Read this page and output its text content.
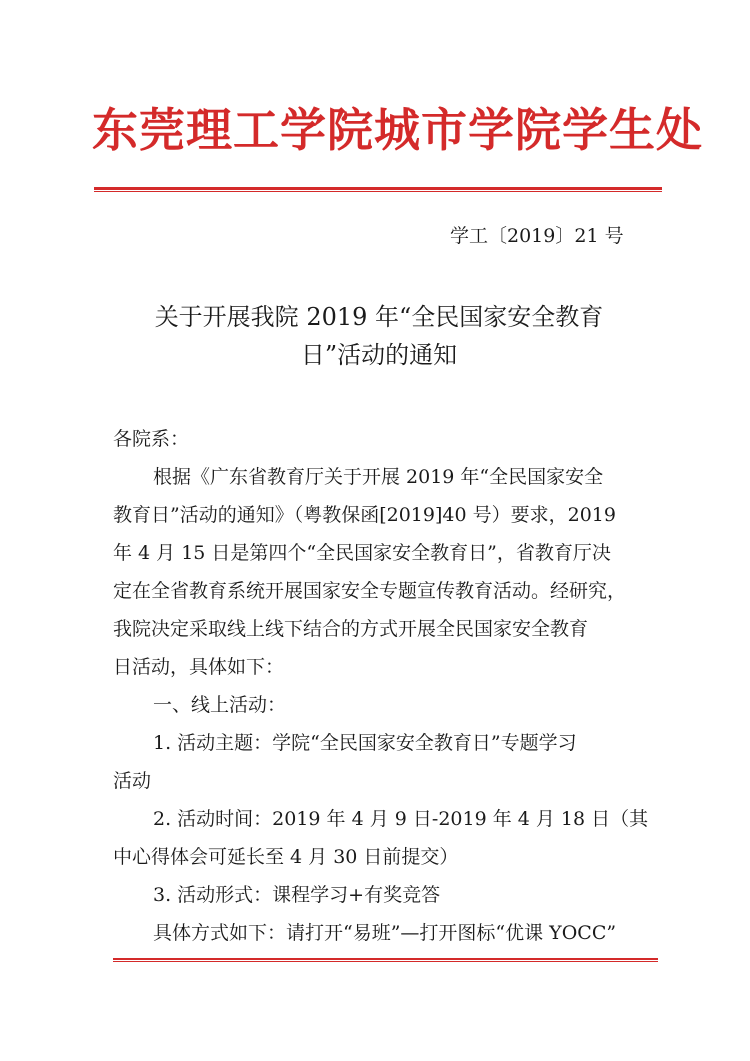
东莞理工学院城市学院学生处
学工〔2019〕21 号
关于开展我院 2019 年“全民国家安全教育
日”活动的通知
各院系：
根据《广东省教育厅关于开展 2019 年“全民国家安全
教育日”活动的通知》（粤教保函[2019]40 号）要求，2019
年 4 月 15 日是第四个“全民国家安全教育日”，省教育厅决
定在全省教育系统开展国家安全专题宣传教育活动。经研究，
我院决定采取线上线下结合的方式开展全民国家安全教育
日活动，具体如下：
一、线上活动：
1. 活动主题：学院“全民国家安全教育日”专题学习
活动
2. 活动时间：2019 年 4 月 9 日-2019 年 4 月 18 日（其
中心得体会可延长至 4 月 30 日前提交）
3. 活动形式：课程学习+有奖竞答
具体方式如下：请打开“易班”—打开图标“优课 YOCC”
